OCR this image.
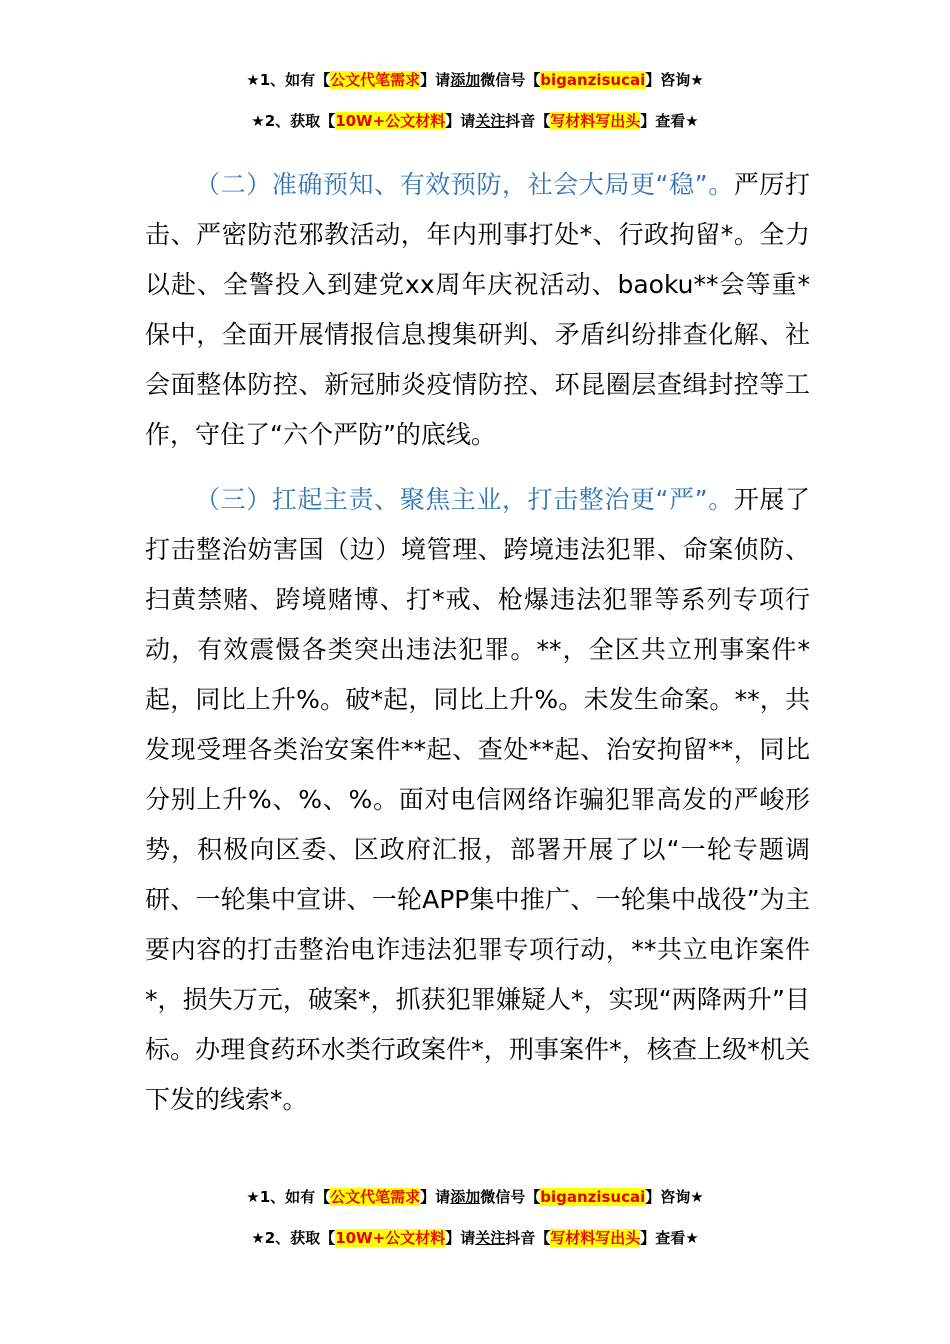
★1、如有【公文代笔需求】请添加微信号【biganzisucai】咨询★
★2、获取【10W+公文材料】请关注抖音【写材料写出头】查看★

（二）准确预知、有效预防，社会大局更“稳”。严厉打击、严密防范邪教活动，年内刑事打处*、行政拘留*。全力以赴、全警投入到建党xx周年庆祝活动、baoku**会等重*保中，全面开展情报信息搜集研判、矛盾纠纷排查化解、社会面整体防控、新冠肺炎疫情防控、环昆圈层查缉封控等工作，守住了“六个严防”的底线。

（三）扛起主责、聚焦主业，打击整治更“严”。开展了打击整治妨害国（边）境管理、跨境违法犯罪、命案侦防、扫黄禁赌、跨境赌博、打*戒、枪爆违法犯罪等系列专项行动，有效震慑各类突出违法犯罪。**，全区共立刑事案件*起，同比上升%。破*起，同比上升%。未发生命案。**，共发现受理各类治安案件**起、查处**起、治安拘留**，同比分别上升%、%、%。面对电信网络诈骗犯罪高发的严峻形势，积极向区委、区政府汇报，部署开展了以“一轮专题调研、一轮集中宣讲、一轮APP集中推广、一轮集中战役”为主要内容的打击整治电诈违法犯罪专项行动，**共立电诈案件*，损失万元，破案*，抓获犯罪嫌疑人*，实现“两降两升”目标。办理食药环水类行政案件*，刑事案件*，核查上级*机关下发的线索*。

★1、如有【公文代笔需求】请添加微信号【biganzisucai】咨询★
★2、获取【10W+公文材料】请关注抖音【写材料写出头】查看★
